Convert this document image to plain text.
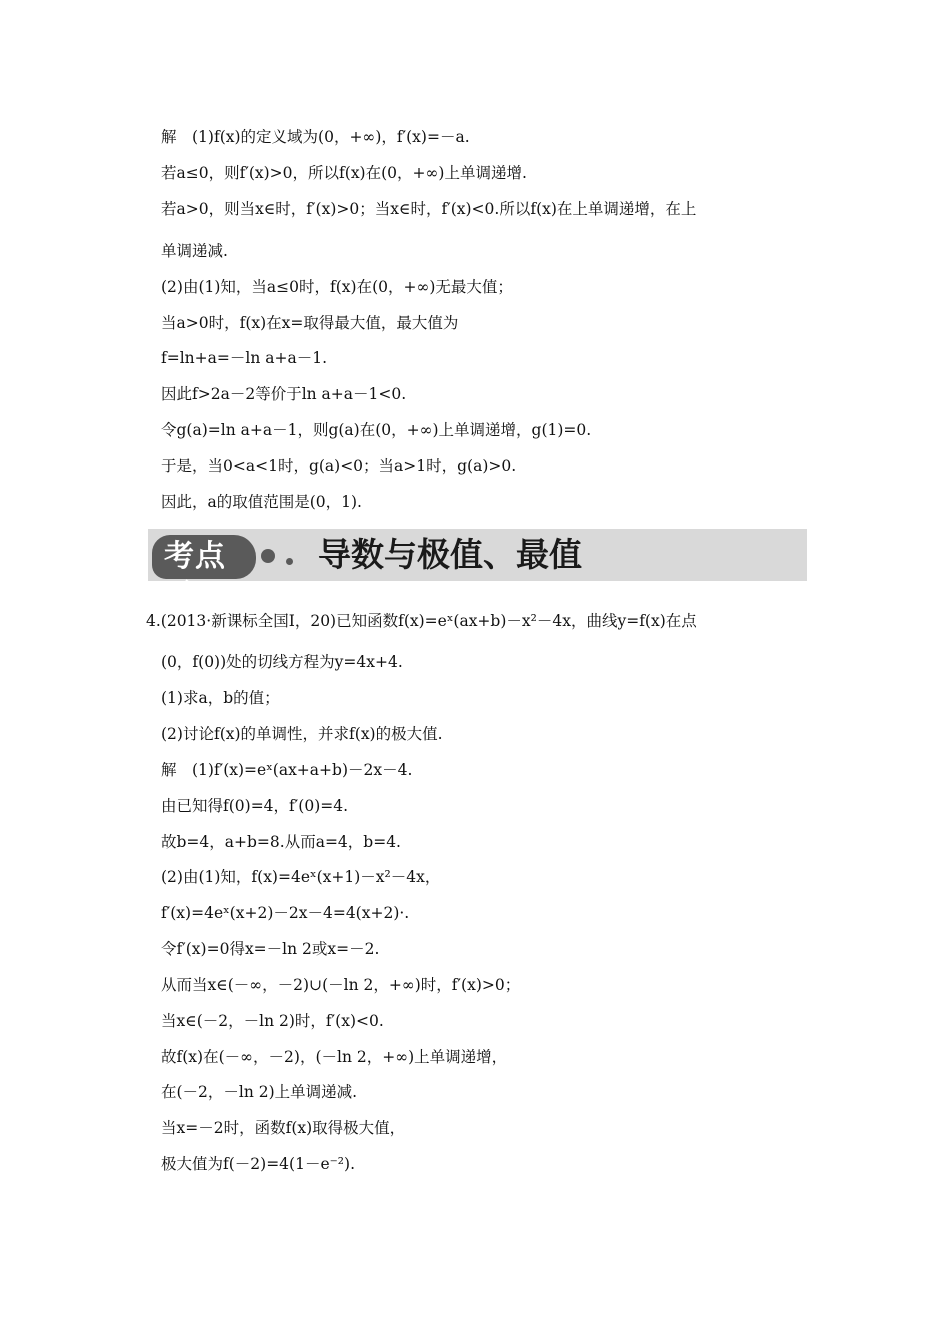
解　(1)f(x)的定义域为(0，+∞)，f′(x)=－a.
若a≤0，则f′(x)>0，所以f(x)在(0，+∞)上单调递增.
若a>0，则当x∈时，f′(x)>0；当x∈时，f′(x)<0.所以f(x)在上单调递增，在上
单调递减.
(2)由(1)知，当a≤0时，f(x)在(0，+∞)无最大值；
当a>0时，f(x)在x=取得最大值，最大值为
f=ln+a=－ln a+a－1.
因此f>2a－2等价于ln a+a－1<0.
令g(a)=ln a+a－1，则g(a)在(0，+∞)上单调递增，g(1)=0.
于是，当0<a<1时，g(a)<0；当a>1时，g(a)>0.
因此，a的取值范围是(0，1).
考点二
导数与极值、最值
4.(2013·新课标全国Ⅰ，20)已知函数f(x)=eˣ(ax+b)－x²－4x，曲线y=f(x)在点
(0，f(0))处的切线方程为y=4x+4.
(1)求a，b的值；
(2)讨论f(x)的单调性，并求f(x)的极大值.
解　(1)f′(x)=eˣ(ax+a+b)－2x－4.
由已知得f(0)=4，f′(0)=4.
故b=4，a+b=8.从而a=4，b=4.
(2)由(1)知，f(x)=4eˣ(x+1)－x²－4x，
f′(x)=4eˣ(x+2)－2x－4=4(x+2)·.
令f′(x)=0得x=－ln 2或x=－2.
从而当x∈(－∞，－2)∪(－ln 2，+∞)时，f′(x)>0；
当x∈(－2，－ln 2)时，f′(x)<0.
故f(x)在(－∞，－2)，(－ln 2，+∞)上单调递增，
在(－2，－ln 2)上单调递减.
当x=－2时，函数f(x)取得极大值，
极大值为f(－2)=4(1－e⁻²).
